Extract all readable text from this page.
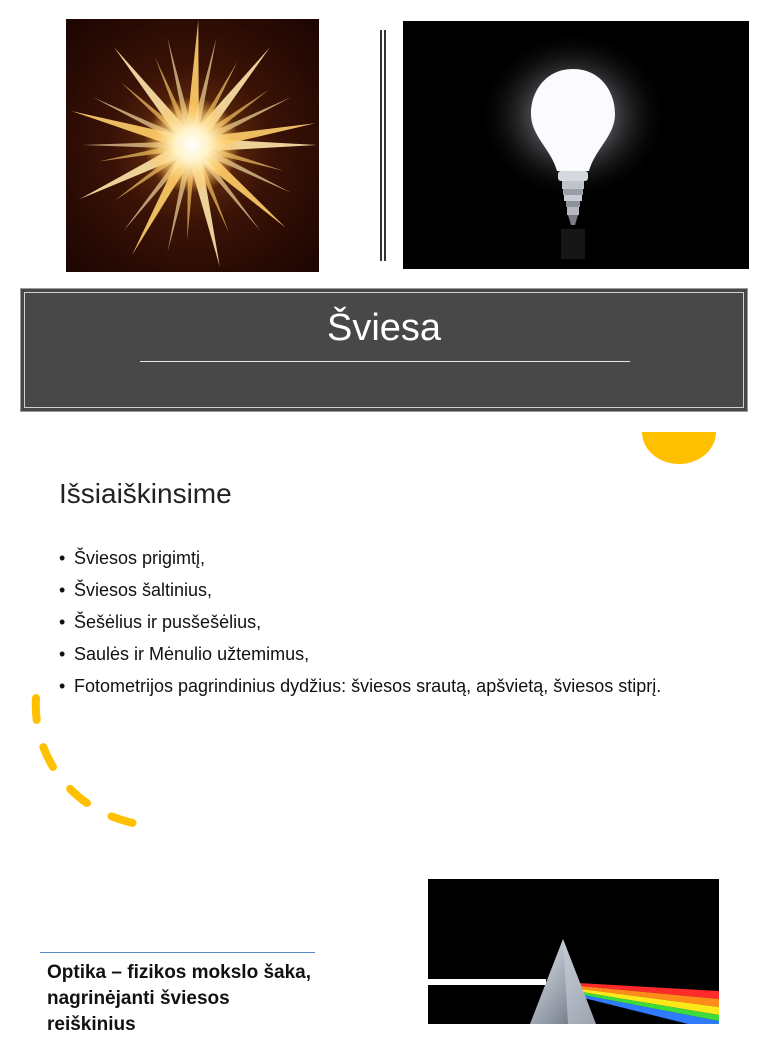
Šviesa
Išsiaiškinsime
• Šviesos prigimtį,
• Šviesos šaltinius,
• Šešėlius ir pusšešėlius,
• Saulės ir Mėnulio užtemimus,
• Fotometrijos pagrindinius dydžius: šviesos srautą, apšvietą, šviesos stiprį.

Optika – fizikos mokslo šaka, nagrinėjanti šviesos reiškinius
